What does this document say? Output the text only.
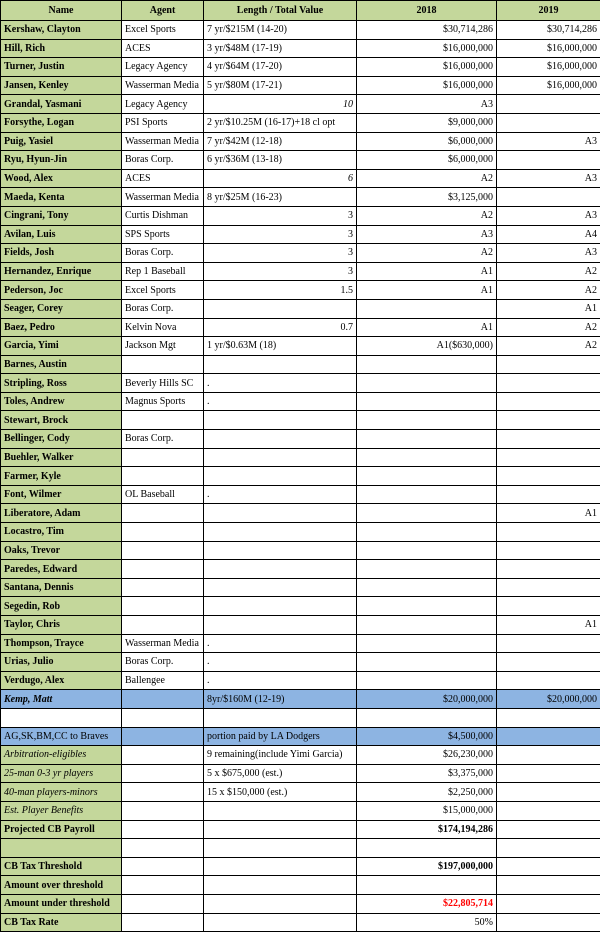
Name	Agent	Length / Total Value	2018	2019
Kershaw, Clayton	Excel Sports	7 yr/$215M (14-20)	$30,714,286	$30,714,286
Hill, Rich	ACES	3 yr/$48M (17-19)	$16,000,000	$16,000,000
Turner, Justin	Legacy Agency	4 yr/$64M (17-20)	$16,000,000	$16,000,000
Jansen, Kenley	Wasserman Media	5 yr/$80M (17-21)	$16,000,000	$16,000,000
Grandal, Yasmani	Legacy Agency	10	A3	
Forsythe, Logan	PSI Sports	2 yr/$10.25M (16-17)+18 cl opt	$9,000,000	
Puig, Yasiel	Wasserman Media	7 yr/$42M (12-18)	$6,000,000	A3
Ryu, Hyun-Jin	Boras Corp.	6 yr/$36M (13-18)	$6,000,000	
Wood, Alex	ACES	6	A2	A3
Maeda, Kenta	Wasserman Media	8 yr/$25M (16-23)	$3,125,000	
Cingrani, Tony	Curtis Dishman	3	A2	A3
Avilan, Luis	SPS Sports	3	A3	A4
Fields, Josh	Boras Corp.	3	A2	A3
Hernandez, Enrique	Rep 1 Baseball	3	A1	A2
Pederson, Joc	Excel Sports	1.5	A1	A2
Seager, Corey	Boras Corp.			A1
Baez, Pedro	Kelvin Nova	0.7	A1	A2
Garcia, Yimi	Jackson Mgt	1 yr/$0.63M (18)	A1($630,000)	A2
Barnes, Austin				
Stripling, Ross	Beverly Hills SC	.		
Toles, Andrew	Magnus Sports	.		
Stewart, Brock				
Bellinger, Cody	Boras Corp.			
Buehler, Walker				
Farmer, Kyle				
Font, Wilmer	OL Baseball	.		
Liberatore, Adam				A1
Locastro, Tim				
Oaks, Trevor				
Paredes, Edward				
Santana, Dennis				
Segedin, Rob				
Taylor, Chris				A1
Thompson, Trayce	Wasserman Media	.		
Urias, Julio	Boras Corp.	.		
Verdugo, Alex	Ballengee	.		
Kemp, Matt		8yr/$160M (12-19)	$20,000,000	$20,000,000

AG,SK,BM,CC to Braves		portion paid by LA Dodgers	$4,500,000	
Arbitration-eligibles		9 remaining(include Yimi Garcia)	$26,230,000	
25-man 0-3 yr players		5 x $675,000 (est.)	$3,375,000	
40-man players-minors		15 x $150,000 (est.)	$2,250,000	
Est. Player Benefits			$15,000,000	
Projected CB Payroll			$174,194,286	

CB Tax Threshold			$197,000,000	
Amount over threshold				
Amount under threshold			$22,805,714	
CB Tax Rate			50%	
